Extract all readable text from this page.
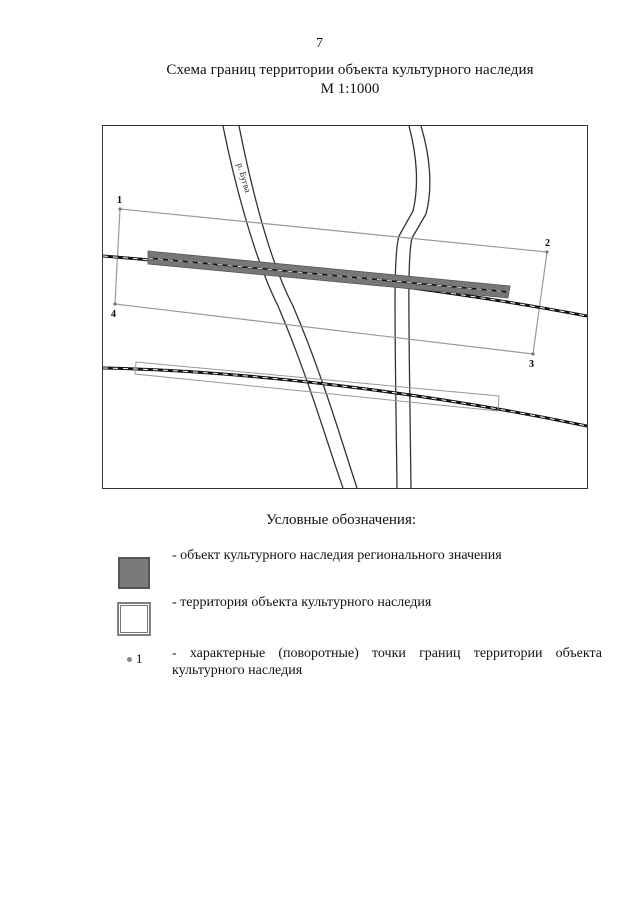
7
Схема границ территории объекта культурного наследия
М 1:1000
р. Бугва
1
2
3
4
Условные обозначения:
- объект культурного наследия регионального значения
- территория объекта культурного наследия
1 - характерные (поворотные) точки границ территории объекта
культурного наследия
